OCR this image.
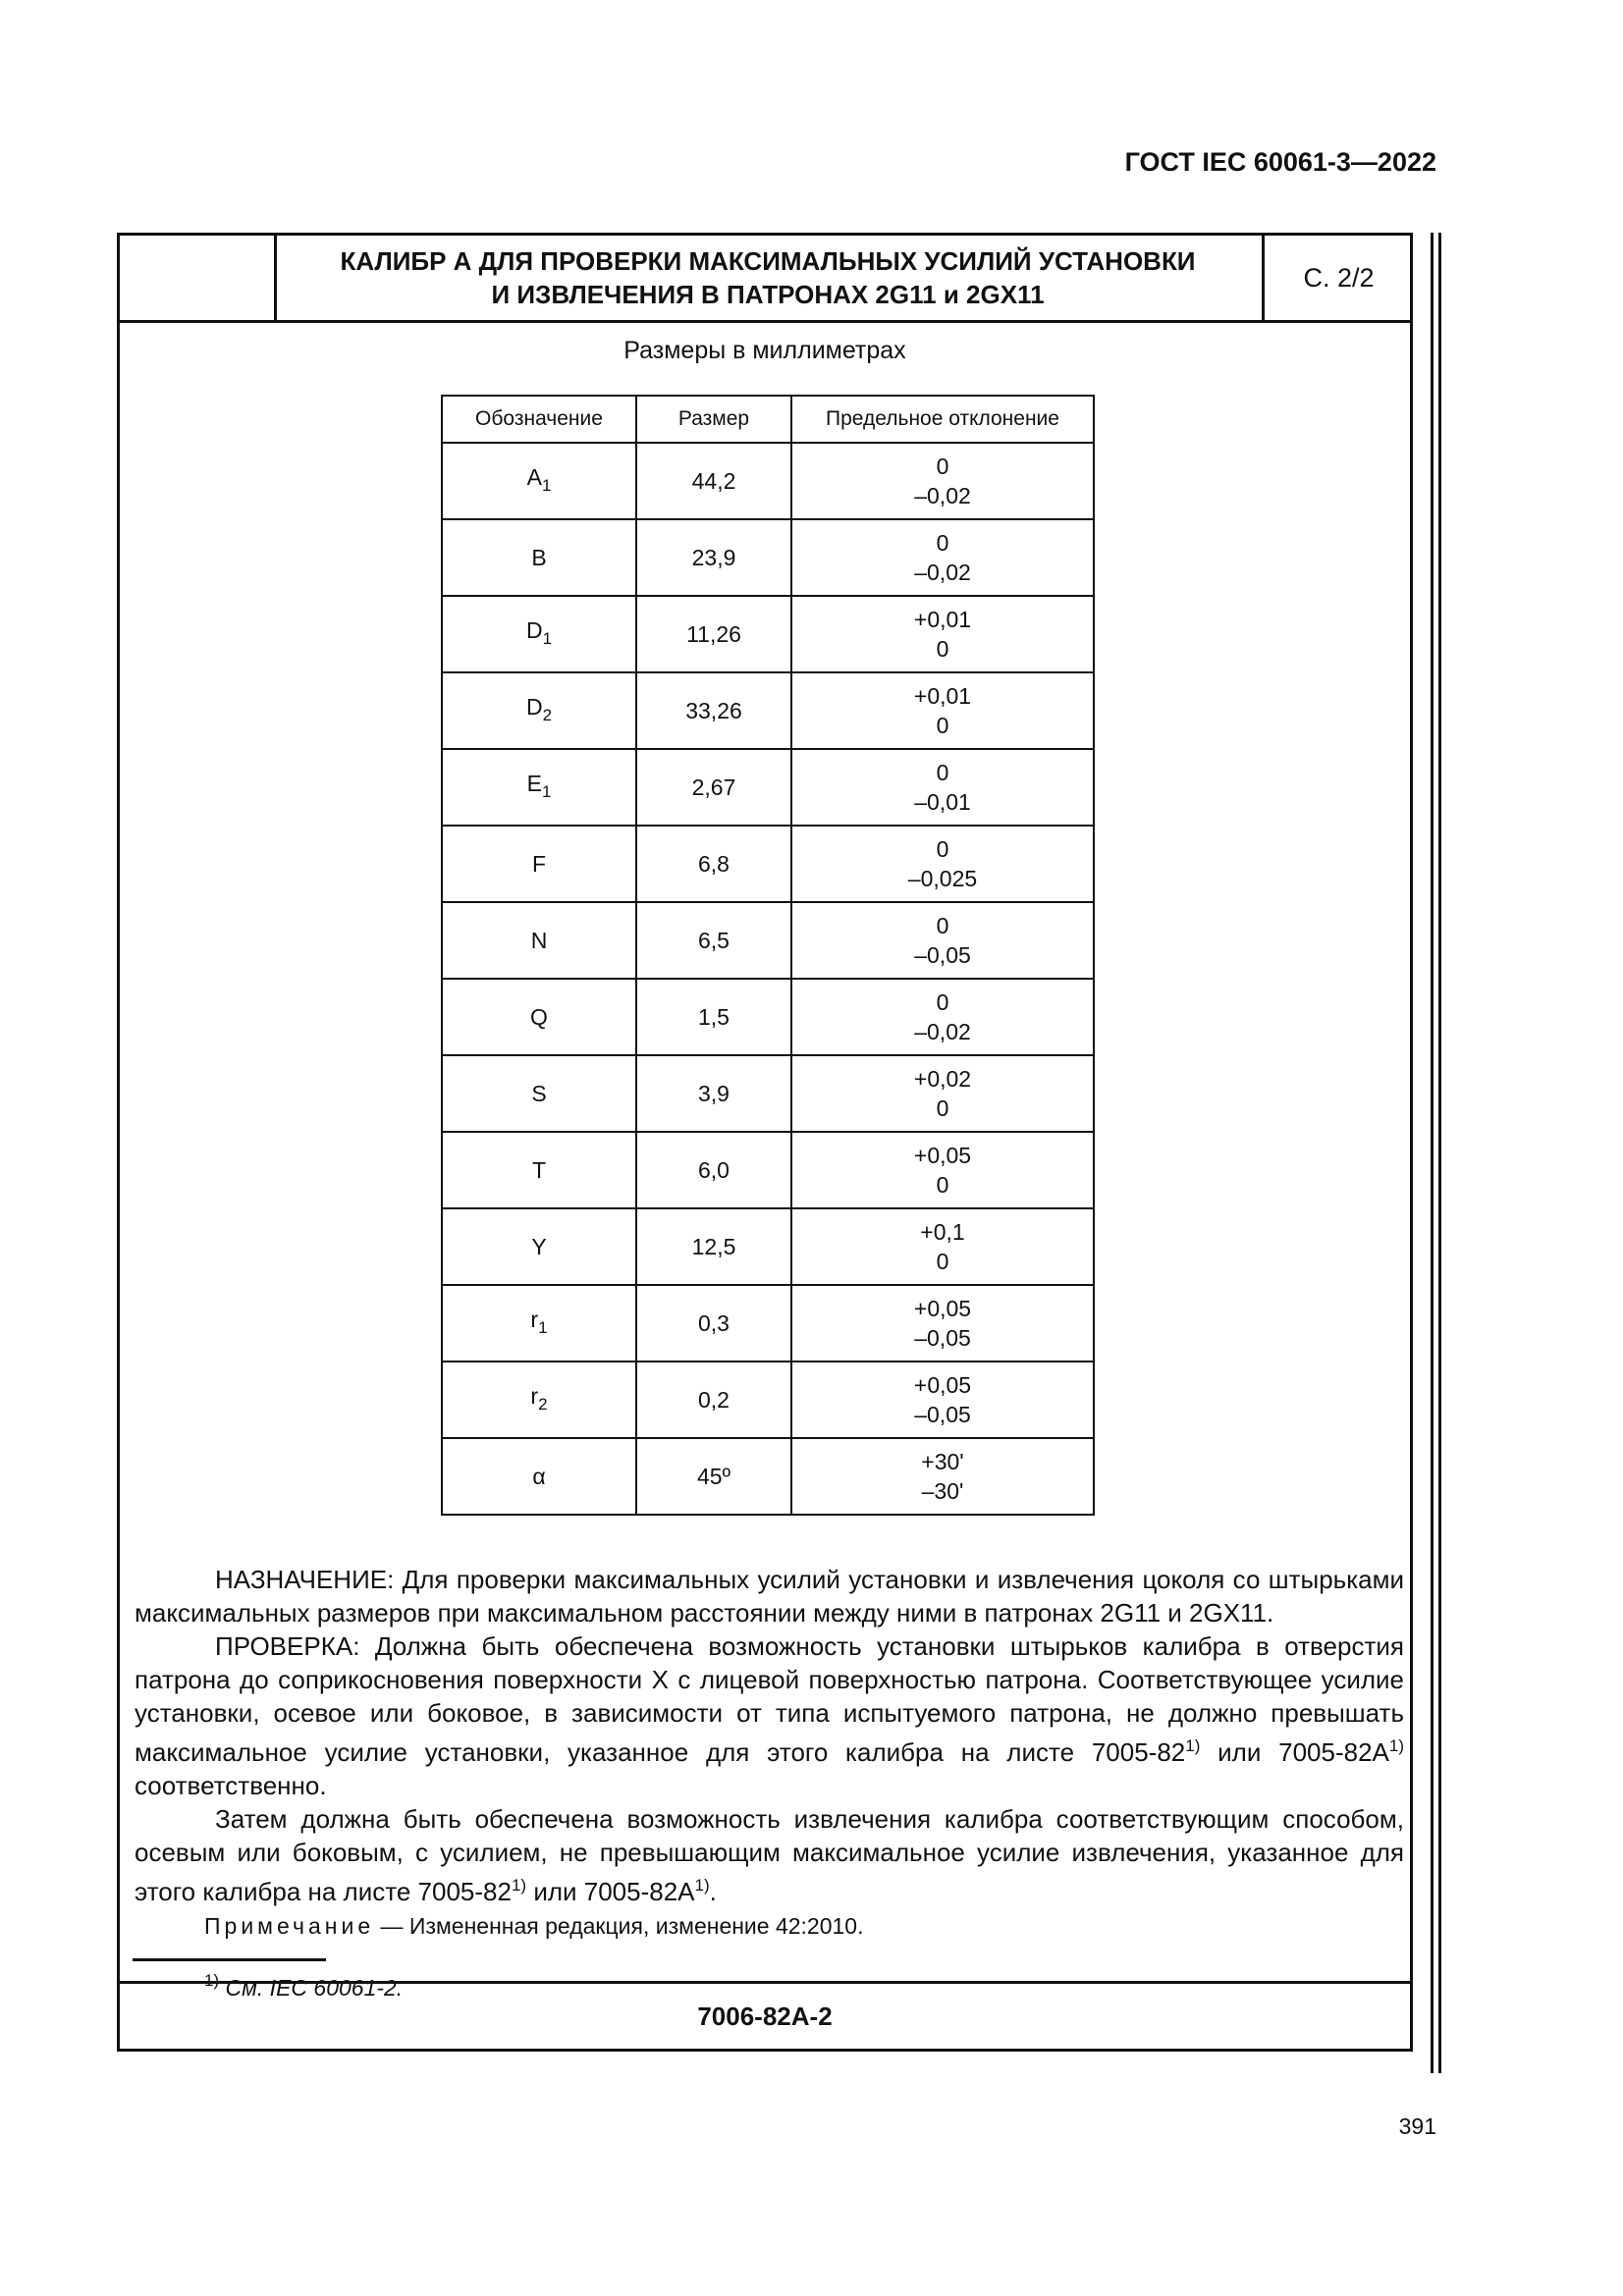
ГОСТ IEC 60061-3—2022
КАЛИБР А ДЛЯ ПРОВЕРКИ МАКСИМАЛЬНЫХ УСИЛИЙ УСТАНОВКИ
И ИЗВЛЕЧЕНИЯ В ПАТРОНАХ 2G11 и 2GX11
С. 2/2
Размеры в миллиметрах
Обозначение	Размер	Предельное отклонение
$A_1$	44,2	0
–0,02

B	23,9	0
–0,02

$D_1$	11,26	+0,01
0

$D_2$	33,26	+0,01
0

$E_1$	2,67	0
–0,01

F	6,8	0
–0,025

N	6,5	0
–0,05

Q	1,5	0
–0,02

S	3,9	+0,02
0

T	6,0	+0,05
0

Y	12,5	+0,1
0

$r_1$	0,3	+0,05
–0,05

$r_2$	0,2	+0,05
–0,05

α	45º	+30'
–30'

НАЗНАЧЕНИЕ: Для проверки максимальных усилий установки и извлечения цоколя со штырьками максимальных размеров при максимальном расстоянии между ними в патронах 2G11 и 2GX11.

ПРОВЕРКА: Должна быть обеспечена возможность установки штырьков калибра в отверстия патрона до соприкосновения поверхности X с лицевой поверхностью патрона. Соответствующее усилие установки, осевое или боковое, в зависимости от типа испытуемого патрона, не должно превышать максимальное усилие установки, указанное для этого калибра на листе 7005-82$^{1)}$ или $7005-82A^{1)}$ соответственно.

Затем должна быть обеспечена возможность извлечения калибра соответствующим способом, осевым или боковым, с усилием, не превышающим максимальное усилие извлечения, указанное для этого калибра на листе 7005-82$^{1)}$ или $7005-82A^{1)}$.

Примечание — Измененная редакция, изменение 42:2010.
$^{1)}$ См. IEC 60061-2.
7006-82A-2
391
